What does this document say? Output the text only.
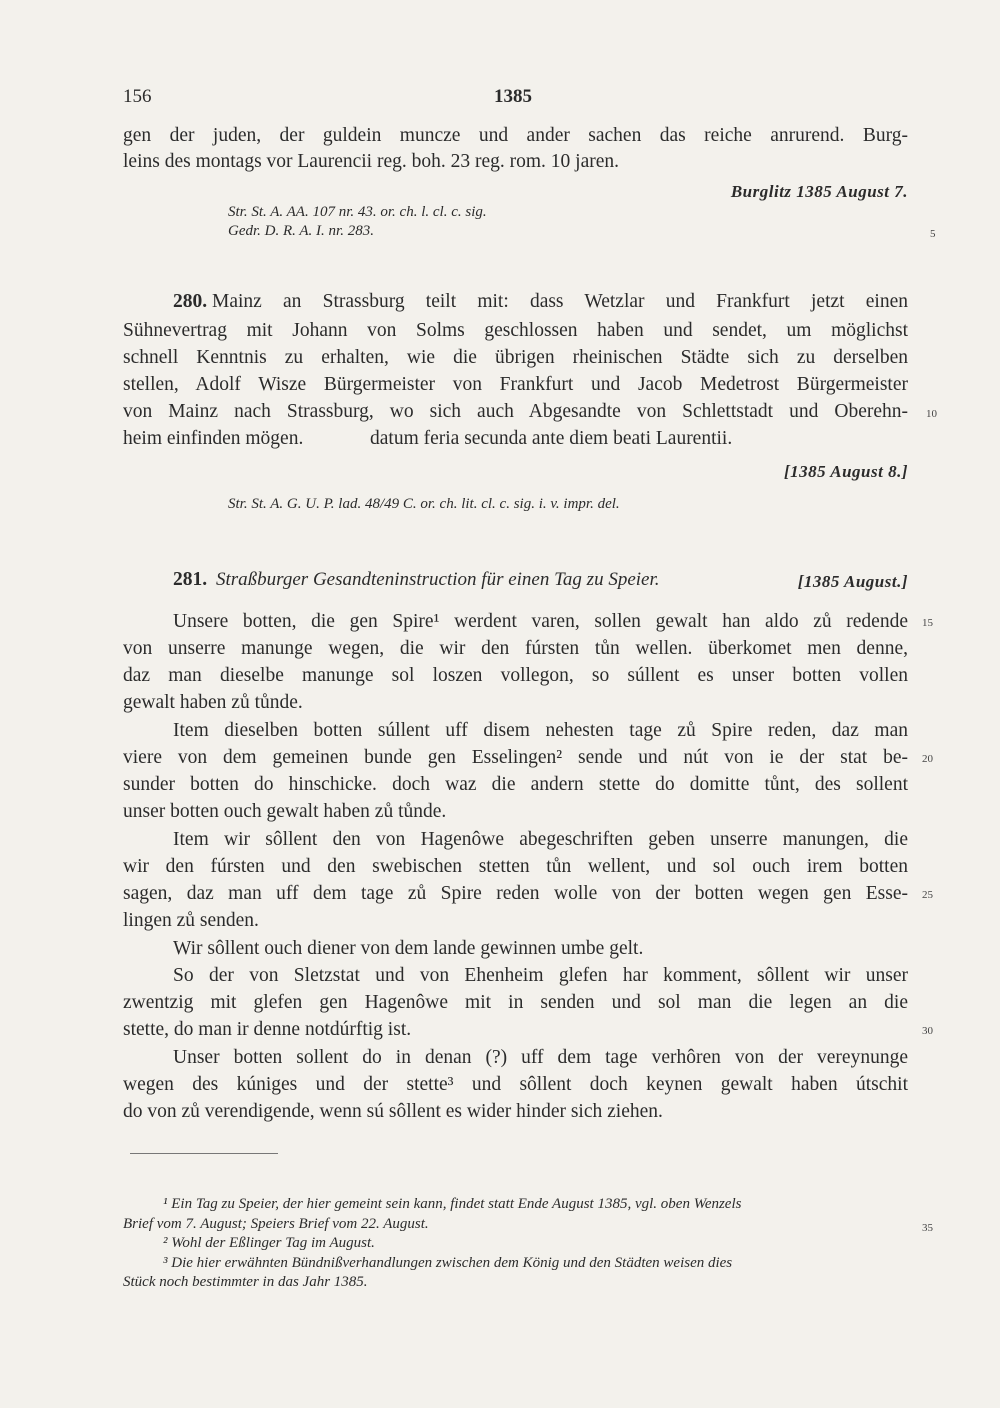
156	1385
gen der juden, der guldein muncze und ander sachen das reiche anrurend. Burg-
leins des montags vor Laurencii reg. boh. 23 reg. rom. 10 jaren.
Burglitz 1385 August 7.
Str. St. A. AA. 107 nr. 43. or. ch. l. cl. c. sig.
Gedr. D. R. A. I. nr. 283.
280. Mainz an Strassburg teilt mit: dass Wetzlar und Frankfurt jetzt einen
Sühnevertrag mit Johann von Solms geschlossen haben und sendet, um möglichst
schnell Kenntnis zu erhalten, wie die übrigen rheinischen Städte sich zu derselben
stellen, Adolf Wisze Bürgermeister von Frankfurt und Jacob Medetrost Bürgermeister
von Mainz nach Strassburg, wo sich auch Abgesandte von Schlettstadt und Oberehn-
heim einfinden mögen.	datum feria secunda ante diem beati Laurentii.
[1385 August 8.]
Str. St. A. G. U. P. lad. 48/49 C. or. ch. lit. cl. c. sig. i. v. impr. del.
281. Straßburger Gesandteninstruction für einen Tag zu Speier.	[1385 August.]
Unsere botten, die gen Spire¹ werdent varen, sollen gewalt han aldo zů redende
von unserre manunge wegen, die wir den fúrsten tůn wellen. überkomet men denne,
daz man dieselbe manunge sol loszen vollegon, so súllent es unser botten vollen
gewalt haben zů tůnde.
Item dieselben botten súllent uff disem nehesten tage zů Spire reden, daz man
viere von dem gemeinen bunde gen Esselingen² sende und nút von ie der stat be-
sunder botten do hinschicke. doch waz die andern stette do domitte tůnt, des sollent
unser botten ouch gewalt haben zů tůnde.
Item wir sôllent den von Hagenôwe abegeschriften geben unserre manungen, die
wir den fúrsten und den swebischen stetten tůn wellent, und sol ouch irem botten
sagen, daz man uff dem tage zů Spire reden wolle von der botten wegen gen Esse-
lingen zů senden.
Wir sôllent ouch diener von dem lande gewinnen umbe gelt.
So der von Sletzstat und von Ehenheim glefen har komment, sôllent wir unser
zwentzig mit glefen gen Hagenôwe mit in senden und sol man die legen an die
stette, do man ir denne notdúrftig ist.
Unser botten sollent do in denan (?) uff dem tage verhôren von der vereynunge
wegen des kúniges und der stette³ und sôllent doch keynen gewalt haben útschit
do von zů verendigende, wenn sú sôllent es wider hinder sich ziehen.
5
10
15
20
25
30
35
¹ Ein Tag zu Speier, der hier gemeint sein kann, findet statt Ende August 1385, vgl. oben Wenzels
Brief vom 7. August; Speiers Brief vom 22. August.
² Wohl der Eßlinger Tag im August.
³ Die hier erwähnten Bündnißverhandlungen zwischen dem König und den Städten weisen dies
Stück noch bestimmter in das Jahr 1385.
